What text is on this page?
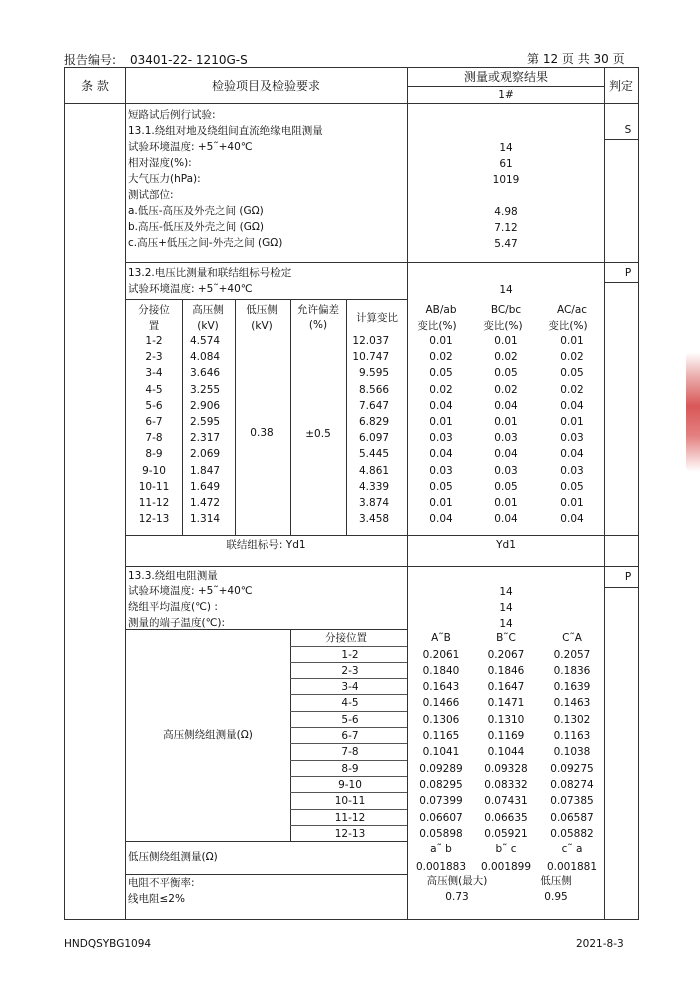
报告编号: 03401-22- 1210G-S	第 12 页 共 30 页
条 款	检验项目及检验要求
测量或观察结果
1#
判定
S
P
P
短路试后例行试验:
13.1.绕组对地及绕组间直流绝缘电阻测量
试验环境温度: +5˜+40℃	14
相对湿度(%):	61
大气压力(hPa):	1019
测试部位:
a.低压-高压及外壳之间 (GΩ)	4.98
b.高压-低压及外壳之间 (GΩ)	7.12
c.高压+低压之间-外壳之间 (GΩ)	5.47
13.2.电压比测量和联结组标号检定
试验环境温度: +5˜+40℃	14
分接位
置
高压侧
(kV)
低压侧
(kV)
允许偏差
(%)
计算变比
AB/ab
变比(%)
BC/bc
变比(%)
AC/ac
变比(%)
0.38	±0.5
1-2	4.574	12.037	0.01	0.01	0.01
2-3	4.084	10.747	0.02	0.02	0.02
3-4	3.646	9.595	0.05	0.05	0.05
4-5	3.255	8.566	0.02	0.02	0.02
5-6	2.906	7.647	0.04	0.04	0.04
6-7	2.595	6.829	0.01	0.01	0.01
7-8	2.317	6.097	0.03	0.03	0.03
8-9	2.069	5.445	0.04	0.04	0.04
9-10 1.847	4.861	0.03	0.03	0.03
10-11 1.649	4.339	0.05	0.05	0.05
11-12 1.472	3.874	0.01	0.01	0.01
12-13 1.314	3.458	0.04	0.04	0.04
联结组标号: Yd1	Yd1
13.3.绕组电阻测量
试验环境温度: +5˜+40℃	14
绕组平均温度(℃) :	14
测量的端子温度(℃):	14
分接位置	A˜B	B˜C	C˜A
高压侧绕组测量(Ω)
1-2	0.2061	0.2067	0.2057
2-3	0.1840	0.1846	0.1836
3-4	0.1643	0.1647	0.1639
4-5	0.1466	0.1471	0.1463
5-6	0.1306	0.1310	0.1302
6-7	0.1165	0.1169	0.1163
7-8	0.1041	0.1044	0.1038
8-9	0.09289 0.09328 0.09275
9-10	0.08295 0.08332 0.08274
10-11	0.07399 0.07431 0.07385
11-12	0.06607 0.06635 0.06587
12-13	0.05898 0.05921 0.05882
低压侧绕组测量(Ω)
a˜ b	b˜ c	c˜ a
0.001883 0.001899 0.001881
电阻不平衡率:
线电阻≤2%
高压侧(最大)	低压侧
0.73	0.95
HNDQSYBG1094	2021-8-3
